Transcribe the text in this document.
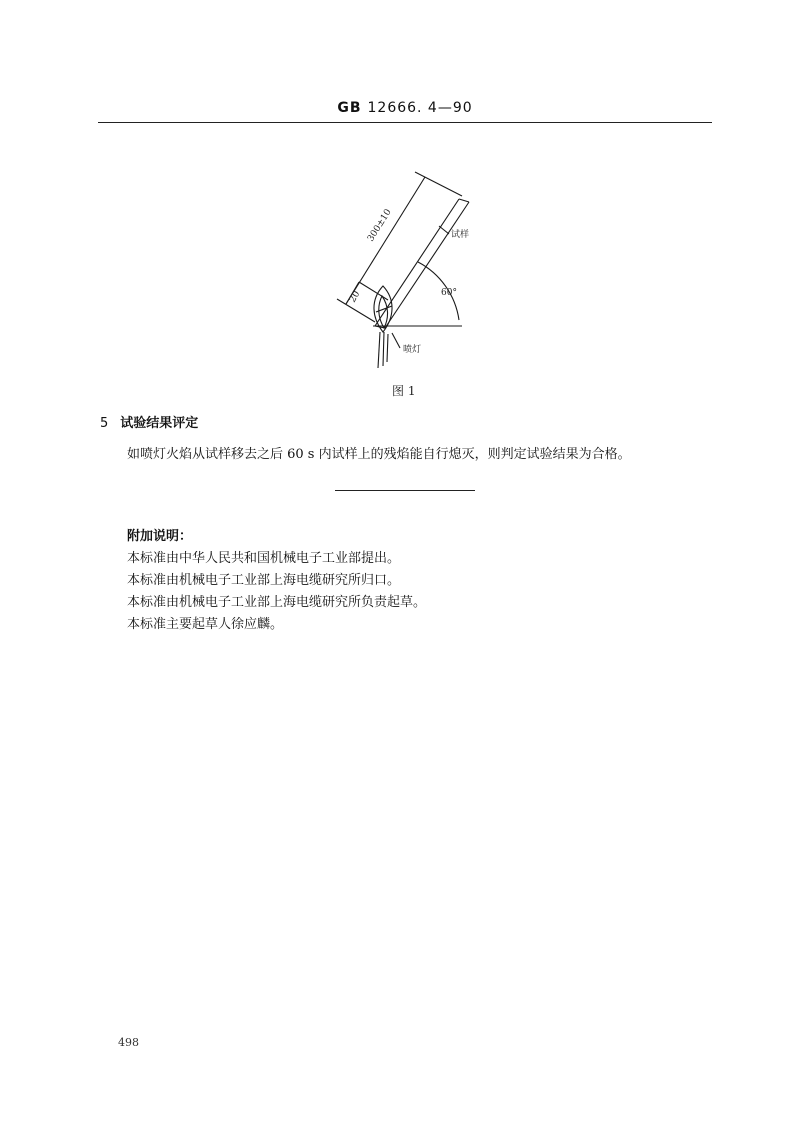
GB 12666. 4—90
300±10
20
试样
60°
喷灯
图 1
5 试验结果评定
如喷灯火焰从试样移去之后 60 s 内试样上的残焰能自行熄灭，则判定试验结果为合格。
附加说明：
本标准由中华人民共和国机械电子工业部提出。
本标准由机械电子工业部上海电缆研究所归口。
本标准由机械电子工业部上海电缆研究所负责起草。
本标准主要起草人徐应麟。
498
